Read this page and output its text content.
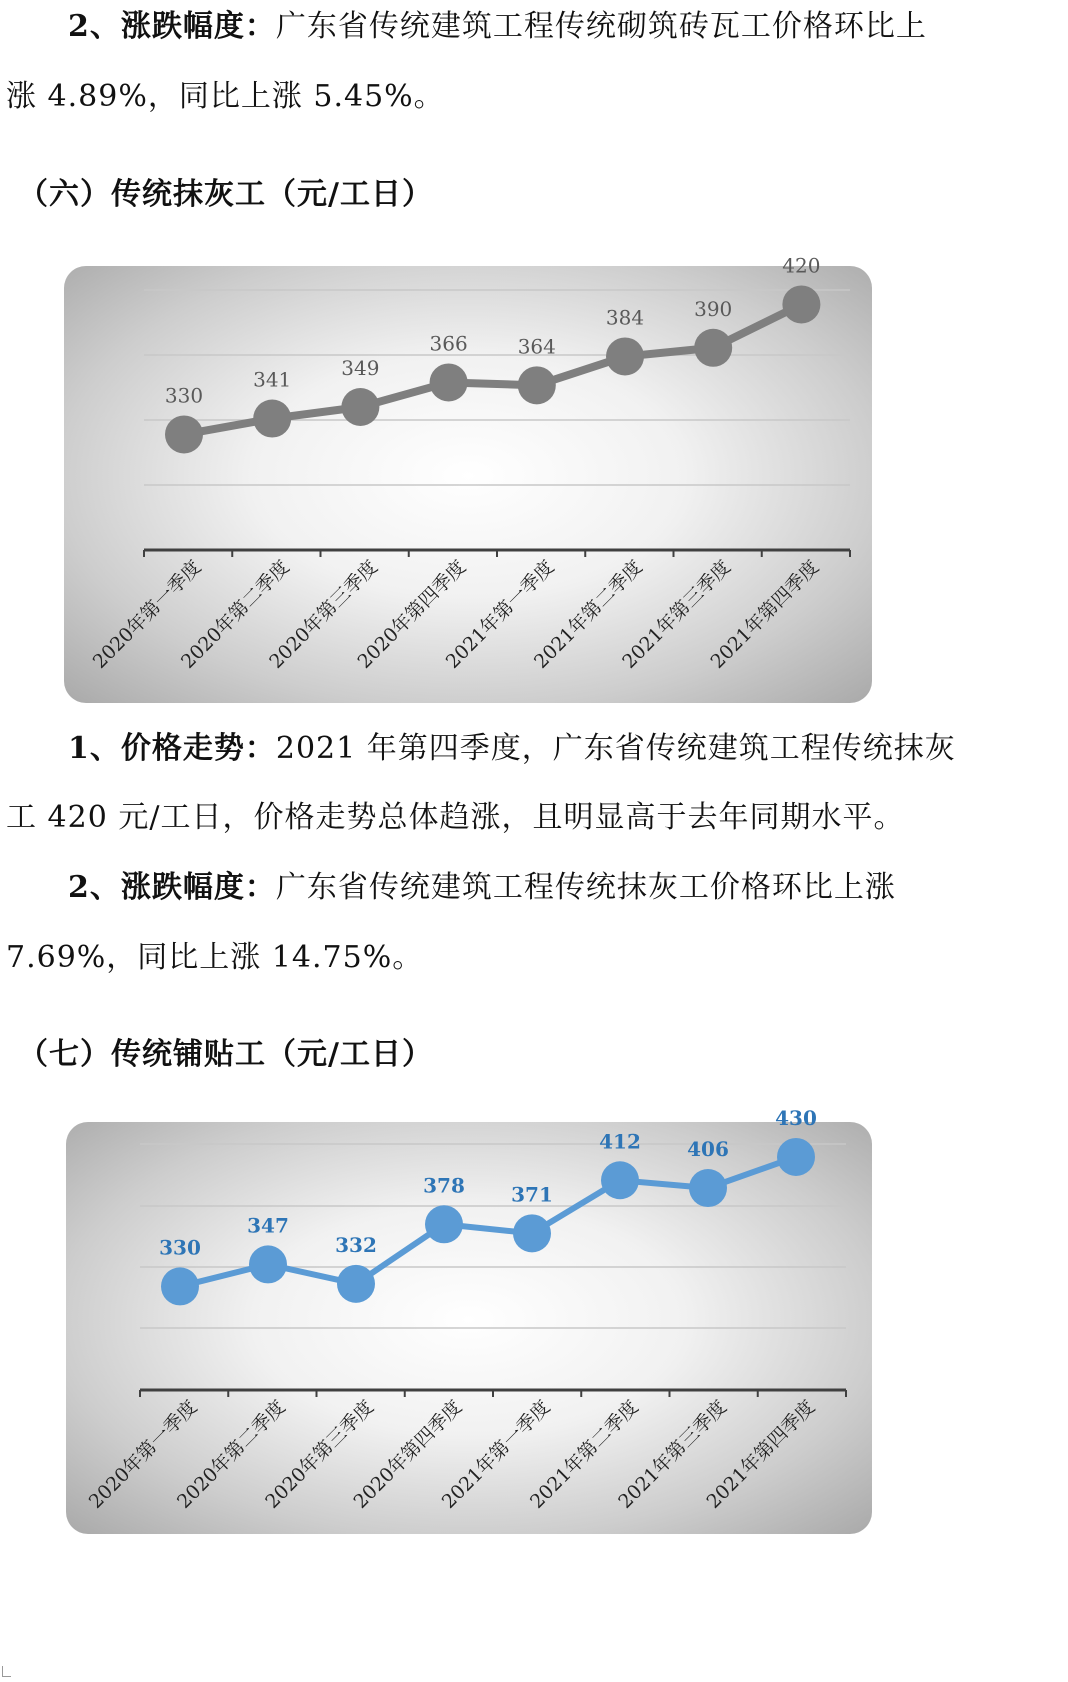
2、涨跌幅度：广东省传统建筑工程传统砌筑砖瓦工价格环比上
涨 4.89%，同比上涨 5.45%。
（六）传统抹灰工（元/工日）
330
341	349
366	364
384	390
420
2020年第一季度
2020年第二季度
2020年第三季度
2020年第四季度
2021年第一季度
2021年第二季度
2021年第三季度
2021年第四季度
1、价格走势：2021 年第四季度，广东省传统建筑工程传统抹灰
工 420 元/工日，价格走势总体趋涨，且明显高于去年同期水平。
2、涨跌幅度：广东省传统建筑工程传统抹灰工价格环比上涨
7.69%，同比上涨 14.75%。
（七）传统铺贴工（元/工日）
330
347
332
378 371
412 406
430
2020年第一季度
2020年第二季度
2020年第三季度
2020年第四季度
2021年第一季度
2021年第二季度
2021年第三季度
2021年第四季度
